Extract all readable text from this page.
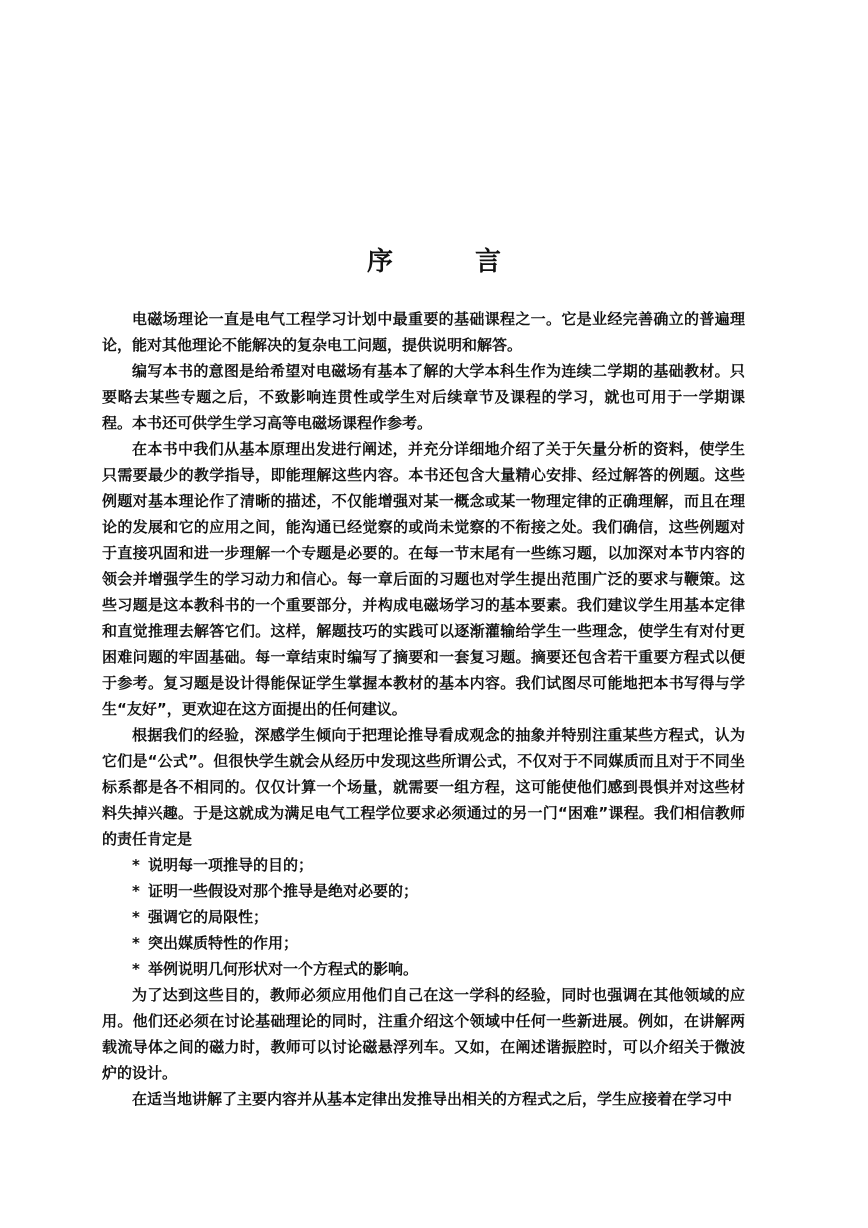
序　言

电磁场理论一直是电气工程学习计划中最重要的基础课程之一。它是业经完善确立的普遍理论，能对其他理论不能解决的复杂电工问题，提供说明和解答。

编写本书的意图是给希望对电磁场有基本了解的大学本科生作为连续二学期的基础教材。只要略去某些专题之后，不致影响连贯性或学生对后续章节及课程的学习，就也可用于一学期课程。本书还可供学生学习高等电磁场课程作参考。

在本书中我们从基本原理出发进行阐述，并充分详细地介绍了关于矢量分析的资料，使学生只需要最少的教学指导，即能理解这些内容。本书还包含大量精心安排、经过解答的例题。这些例题对基本理论作了清晰的描述，不仅能增强对某一概念或某一物理定律的正确理解，而且在理论的发展和它的应用之间，能沟通已经觉察的或尚未觉察的不衔接之处。我们确信，这些例题对于直接巩固和进一步理解一个专题是必要的。在每一节末尾有一些练习题，以加深对本节内容的领会并增强学生的学习动力和信心。每一章后面的习题也对学生提出范围广泛的要求与鞭策。这些习题是这本教科书的一个重要部分，并构成电磁场学习的基本要素。我们建议学生用基本定律和直觉推理去解答它们。这样，解题技巧的实践可以逐渐灌输给学生一些理念，使学生有对付更困难问题的牢固基础。每一章结束时编写了摘要和一套复习题。摘要还包含若干重要方程式以便于参考。复习题是设计得能保证学生掌握本教材的基本内容。我们试图尽可能地把本书写得与学生“友好”，更欢迎在这方面提出的任何建议。

根据我们的经验，深感学生倾向于把理论推导看成观念的抽象并特别注重某些方程式，认为它们是“公式”。但很快学生就会从经历中发现这些所谓公式，不仅对于不同媒质而且对于不同坐标系都是各不相同的。仅仅计算一个场量，就需要一组方程，这可能使他们感到畏惧并对这些材料失掉兴趣。于是这就成为满足电气工程学位要求必须通过的另一门“困难”课程。我们相信教师的责任肯定是

* 说明每一项推导的目的；
* 证明一些假设对那个推导是绝对必要的；
* 强调它的局限性；
* 突出媒质特性的作用；
* 举例说明几何形状对一个方程式的影响。

为了达到这些目的，教师必须应用他们自己在这一学科的经验，同时也强调在其他领域的应用。他们还必须在讨论基础理论的同时，注重介绍这个领域中任何一些新进展。例如，在讲解两载流导体之间的磁力时，教师可以讨论磁悬浮列车。又如，在阐述谐振腔时，可以介绍关于微波炉的设计。

在适当地讲解了主要内容并从基本定律出发推导出相关的方程式之后，学生应接着在学习中
